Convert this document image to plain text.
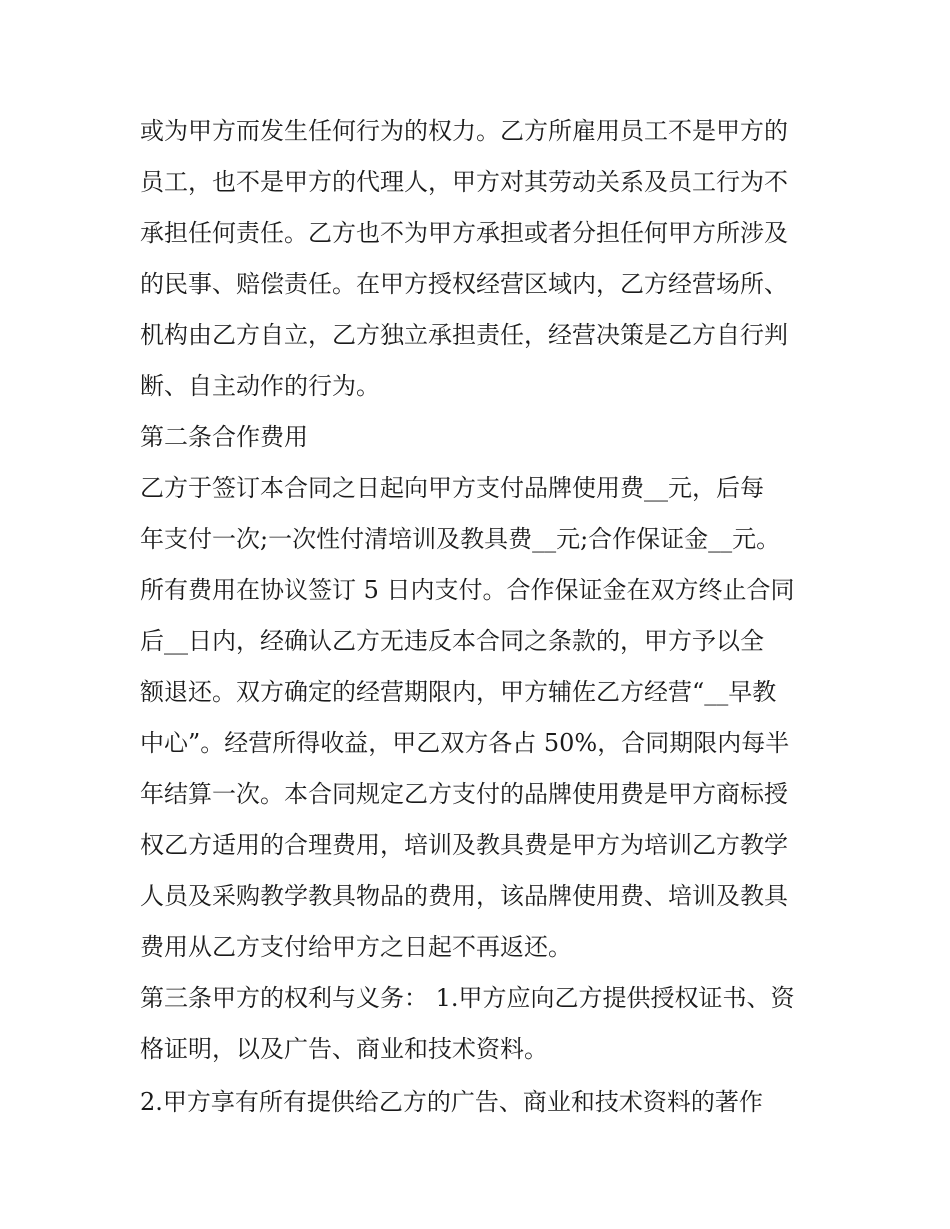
或为甲方而发生任何行为的权力。乙方所雇用员工不是甲方的
员工，也不是甲方的代理人，甲方对其劳动关系及员工行为不
承担任何责任。乙方也不为甲方承担或者分担任何甲方所涉及
的民事、赔偿责任。在甲方授权经营区域内，乙方经营场所、
机构由乙方自立，乙方独立承担责任，经营决策是乙方自行判
断、自主动作的行为。
第二条合作费用
乙方于签订本合同之日起向甲方支付品牌使用费__元，后每
年支付一次;一次性付清培训及教具费__元;合作保证金__元。
所有费用在协议签订 5 日内支付。合作保证金在双方终止合同
后__日内，经确认乙方无违反本合同之条款的，甲方予以全
额退还。双方确定的经营期限内，甲方辅佐乙方经营“__早教
中心”。经营所得收益，甲乙双方各占 50%，合同期限内每半
年结算一次。本合同规定乙方支付的品牌使用费是甲方商标授
权乙方适用的合理费用，培训及教具费是甲方为培训乙方教学
人员及采购教学教具物品的费用，该品牌使用费、培训及教具
费用从乙方支付给甲方之日起不再返还。
第三条甲方的权利与义务： 1.甲方应向乙方提供授权证书、资
格证明，以及广告、商业和技术资料。
2.甲方享有所有提供给乙方的广告、商业和技术资料的著作
